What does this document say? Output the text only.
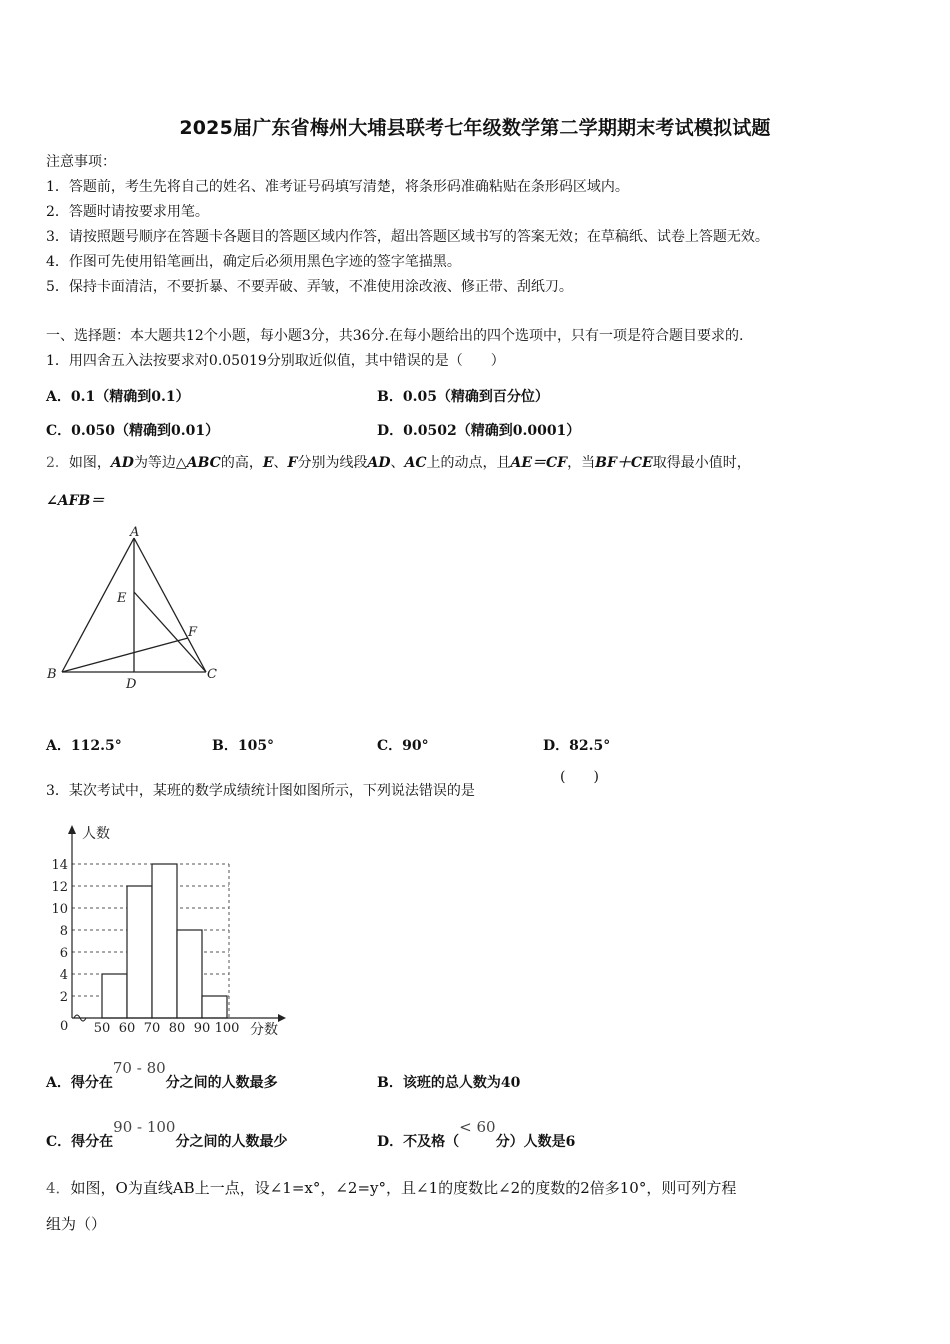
2025届广东省梅州大埔县联考七年级数学第二学期期末考试模拟试题
注意事项：
1．答题前，考生先将自己的姓名、准考证号码填写清楚，将条形码准确粘贴在条形码区域内。
2．答题时请按要求用笔。
3．请按照题号顺序在答题卡各题目的答题区域内作答，超出答题区域书写的答案无效；在草稿纸、试卷上答题无效。
4．作图可先使用铅笔画出，确定后必须用黑色字迹的签字笔描黑。
5．保持卡面清洁，不要折暴、不要弄破、弄皱，不准使用涂改液、修正带、刮纸刀。
一、选择题：本大题共12个小题，每小题3分，共36分.在每小题给出的四个选项中，只有一项是符合题目要求的.
1．用四舍五入法按要求对0.05019分别取近似值，其中错误的是（　　）
A．0.1（精确到0.1）	B．0.05（精确到百分位）
C．0.050（精确到0.01）	D．0.0502（精确到0.0001）
2．如图，AD为等边△ABC的高，E、F分别为线段AD、AC上的动点，且AE＝CF，当BF＋CE取得最小值时，
∠AFB＝
A
E
F
B
D
C
A．112.5°	B．105°	C．90°	D．82.5°
3．某次考试中，某班的数学成绩统计图如图所示，下列说法错误的是
(　　)
人数
分数
0
2
4
6
8
10
12
14
50 60 70 80 90 100
A．得分在70 - 80分之间的人数最多	B．该班的总人数为40
C．得分在90 - 100分之间的人数最少	D．不及格（< 60分）人数是6
4．如图，O为直线AB上一点，设∠1=x°，∠2=y°，且∠1的度数比∠2的度数的2倍多10°，则可列方程
组为（）
